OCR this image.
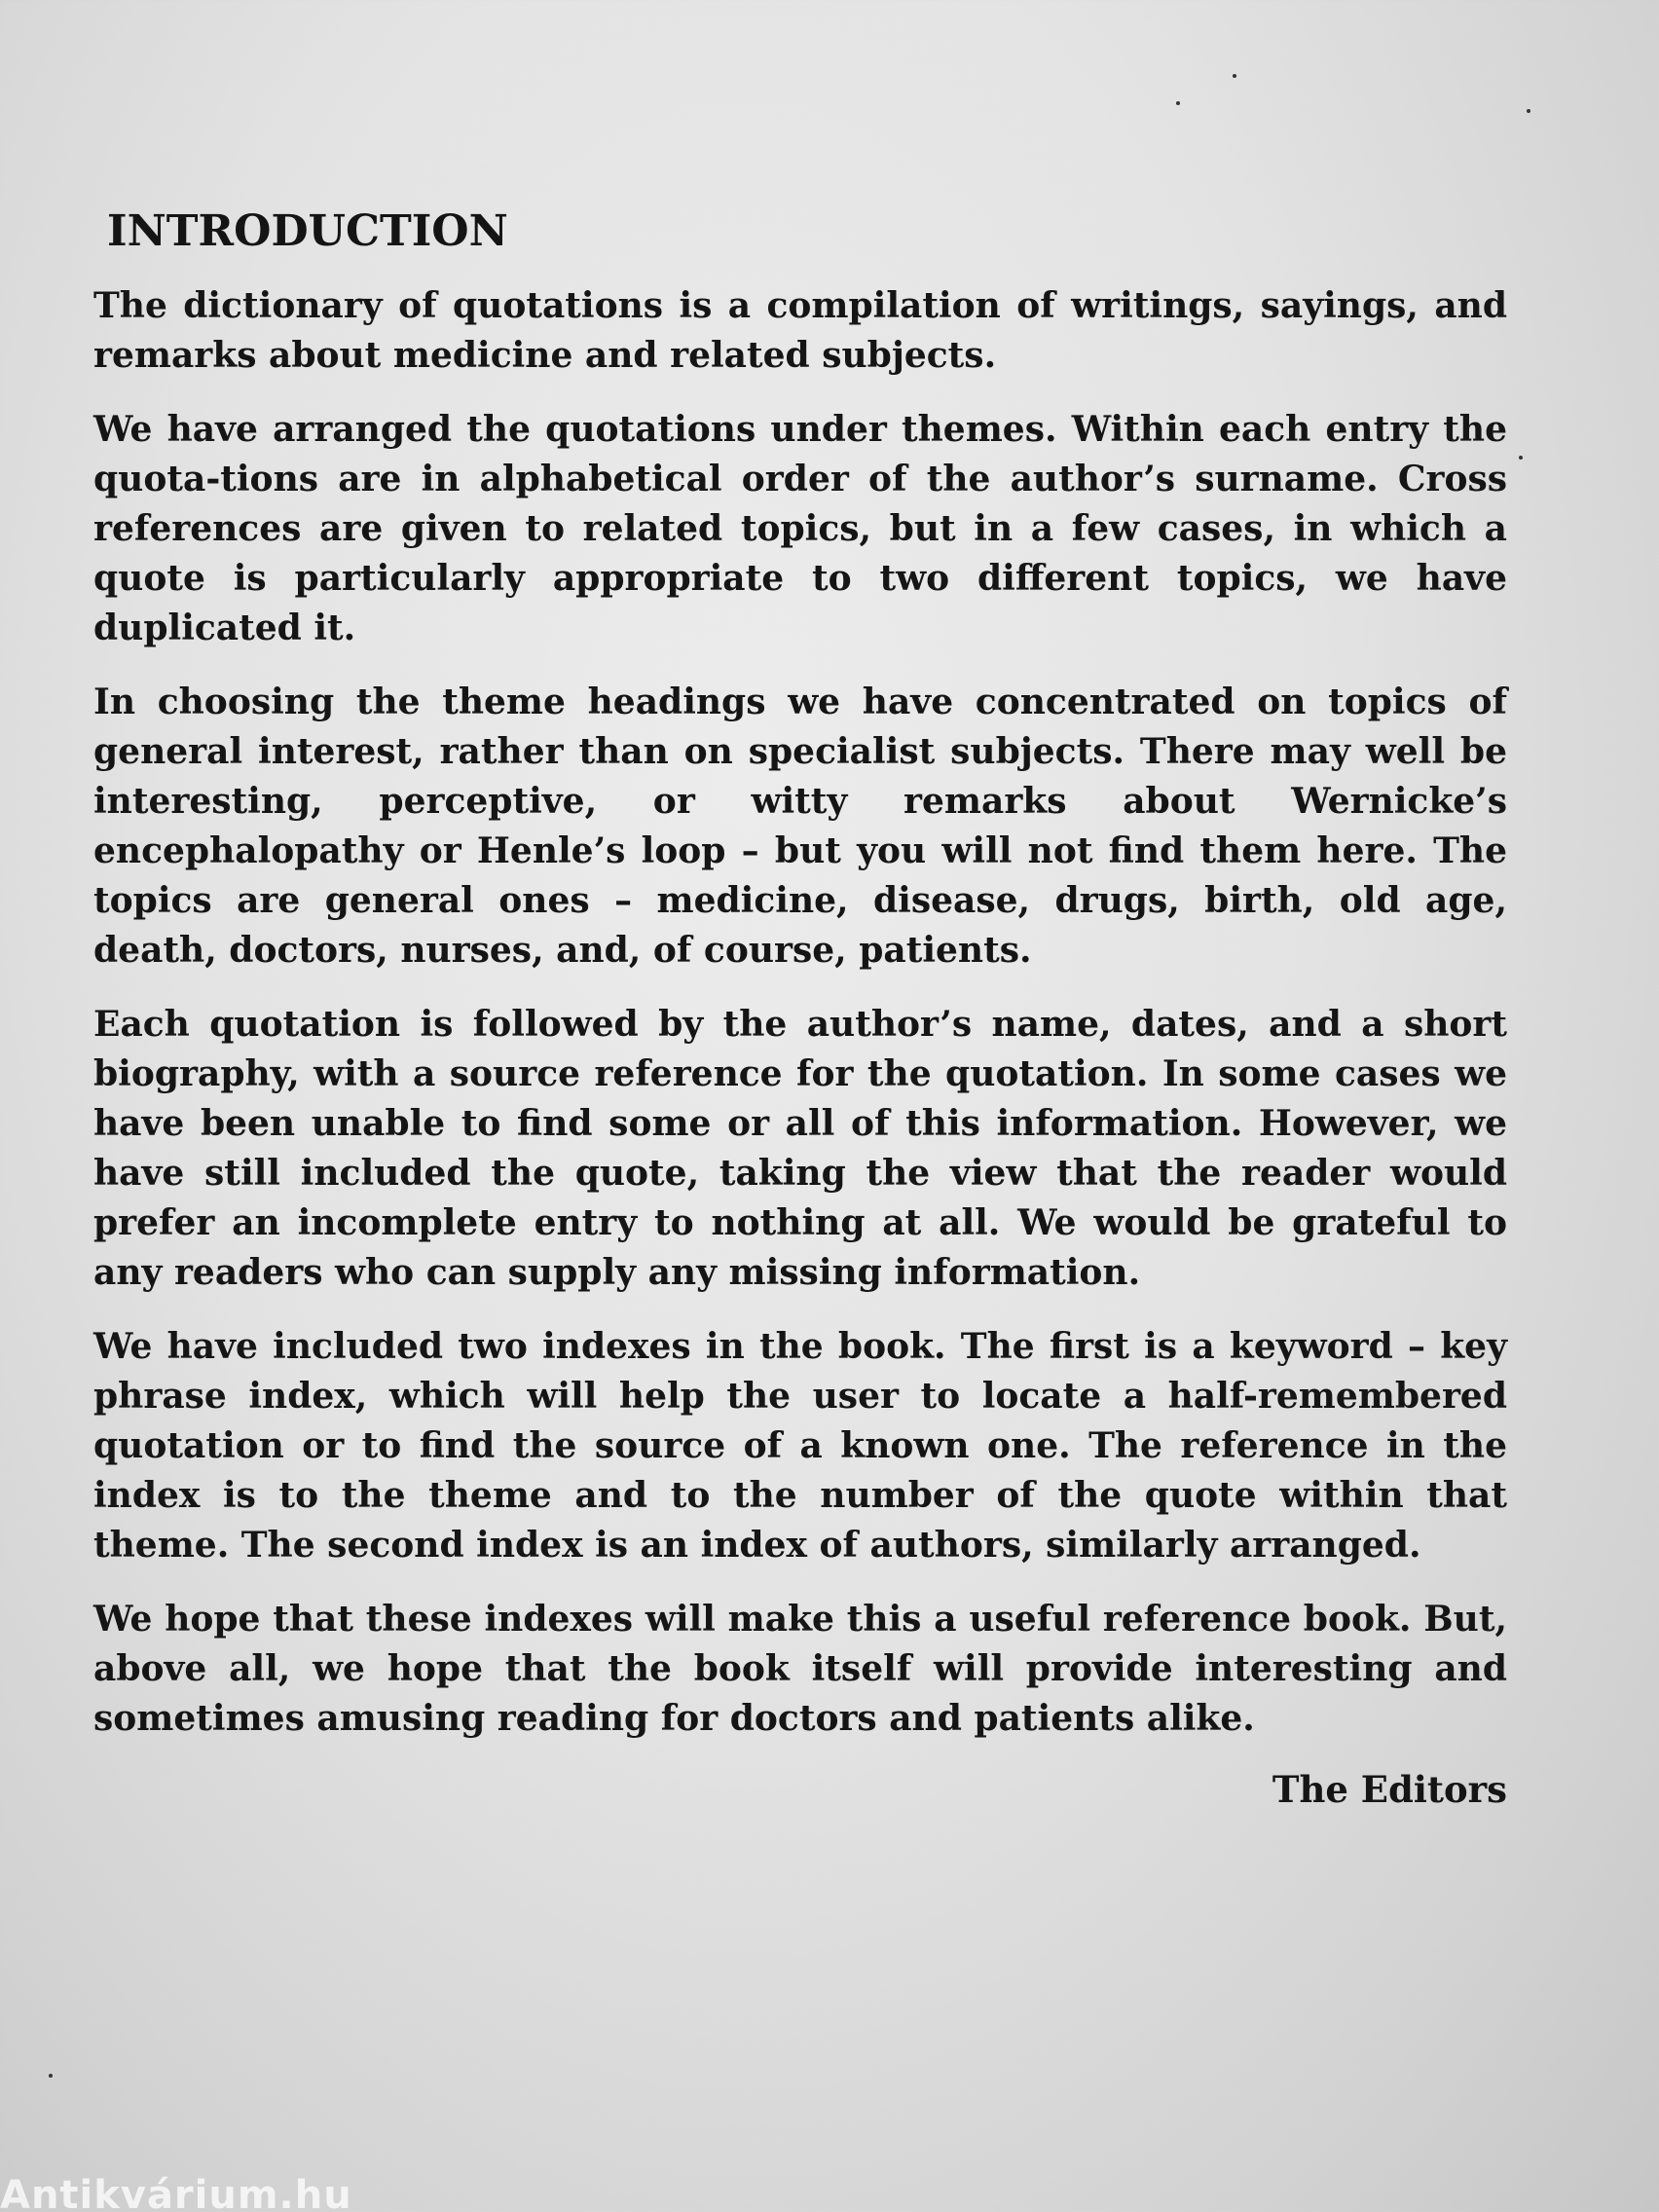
INTRODUCTION

The dictionary of quotations is a compilation of writings, sayings, and remarks about medicine and related subjects.

We have arranged the quotations under themes. Within each entry the quota-tions are in alphabetical order of the author’s surname. Cross references are given to related topics, but in a few cases, in which a quote is particularly appropriate to two different topics, we have duplicated it.

In choosing the theme headings we have concentrated on topics of general interest, rather than on specialist subjects. There may well be interesting, perceptive, or witty remarks about Wernicke’s encephalopathy or Henle’s loop – but you will not find them here. The topics are general ones – medicine, disease, drugs, birth, old age, death, doctors, nurses, and, of course, patients.

Each quotation is followed by the author’s name, dates, and a short biography, with a source reference for the quotation. In some cases we have been unable to find some or all of this information. However, we have still included the quote, taking the view that the reader would prefer an incomplete entry to nothing at all. We would be grateful to any readers who can supply any missing information.

We have included two indexes in the book. The first is a keyword – key phrase index, which will help the user to locate a half-remembered quotation or to find the source of a known one. The reference in the index is to the theme and to the number of the quote within that theme. The second index is an index of authors, similarly arranged.

We hope that these indexes will make this a useful reference book. But, above all, we hope that the book itself will provide interesting and sometimes amusing reading for doctors and patients alike.

The Editors
Antikvárium.hu
